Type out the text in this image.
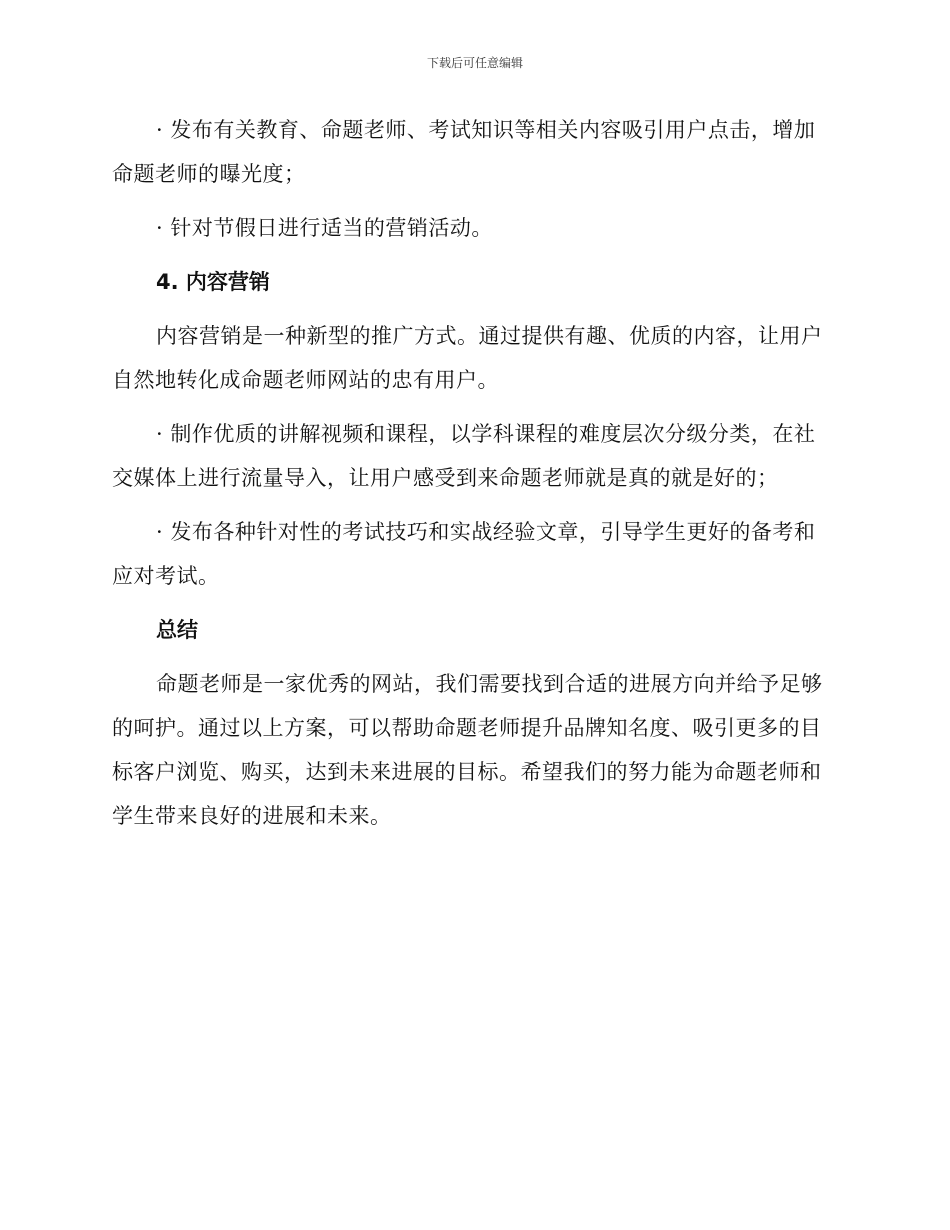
下载后可任意编辑

· 发布有关教育、命题老师、考试知识等相关内容吸引用户点击，增加命题老师的曝光度；

· 针对节假日进行适当的营销活动。

4. 内容营销

内容营销是一种新型的推广方式。通过提供有趣、优质的内容，让用户自然地转化成命题老师网站的忠有用户。

· 制作优质的讲解视频和课程，以学科课程的难度层次分级分类，在社交媒体上进行流量导入，让用户感受到来命题老师就是真的就是好的；

· 发布各种针对性的考试技巧和实战经验文章，引导学生更好的备考和应对考试。

总结

命题老师是一家优秀的网站，我们需要找到合适的进展方向并给予足够的呵护。通过以上方案，可以帮助命题老师提升品牌知名度、吸引更多的目标客户浏览、购买，达到未来进展的目标。希望我们的努力能为命题老师和学生带来良好的进展和未来。
